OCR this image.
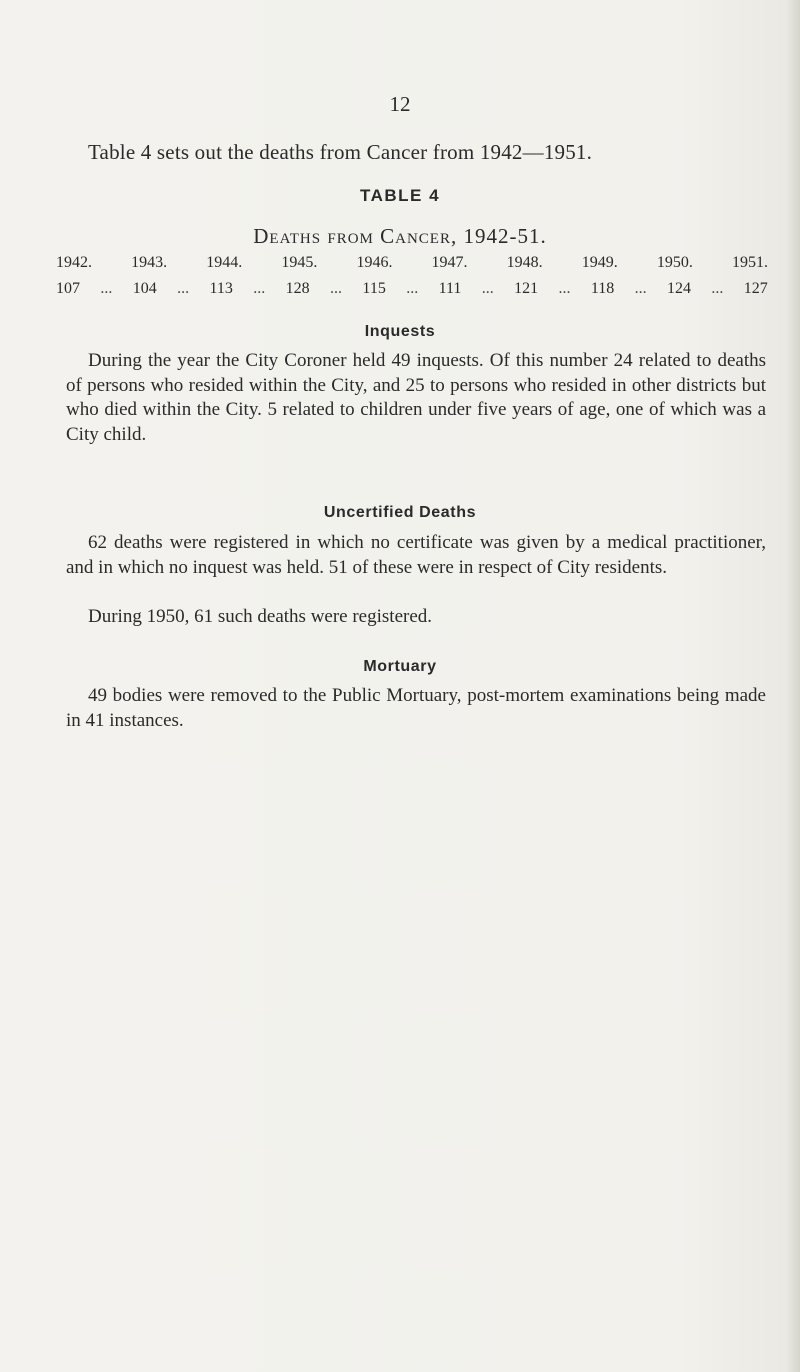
12
Table 4 sets out the deaths from Cancer from 1942—1951.
TABLE 4
Deaths from Cancer, 1942-51.
1942. 1943. 1944. 1945. 1946. 1947. 1948. 1949. 1950. 1951.
107 ... 104 ... 113 ... 128 ... 115 ... 111 ... 121 ... 118 ... 124 ... 127
Inquests
During the year the City Coroner held 49 inquests. Of this number 24 related to deaths of persons who resided within the City, and 25 to persons who resided in other districts but who died within the City. 5 related to children under five years of age, one of which was a City child.
Uncertified Deaths
62 deaths were registered in which no certificate was given by a medical practitioner, and in which no inquest was held. 51 of these were in respect of City residents.
During 1950, 61 such deaths were registered.
Mortuary
49 bodies were removed to the Public Mortuary, post-mortem examinations being made in 41 instances.
